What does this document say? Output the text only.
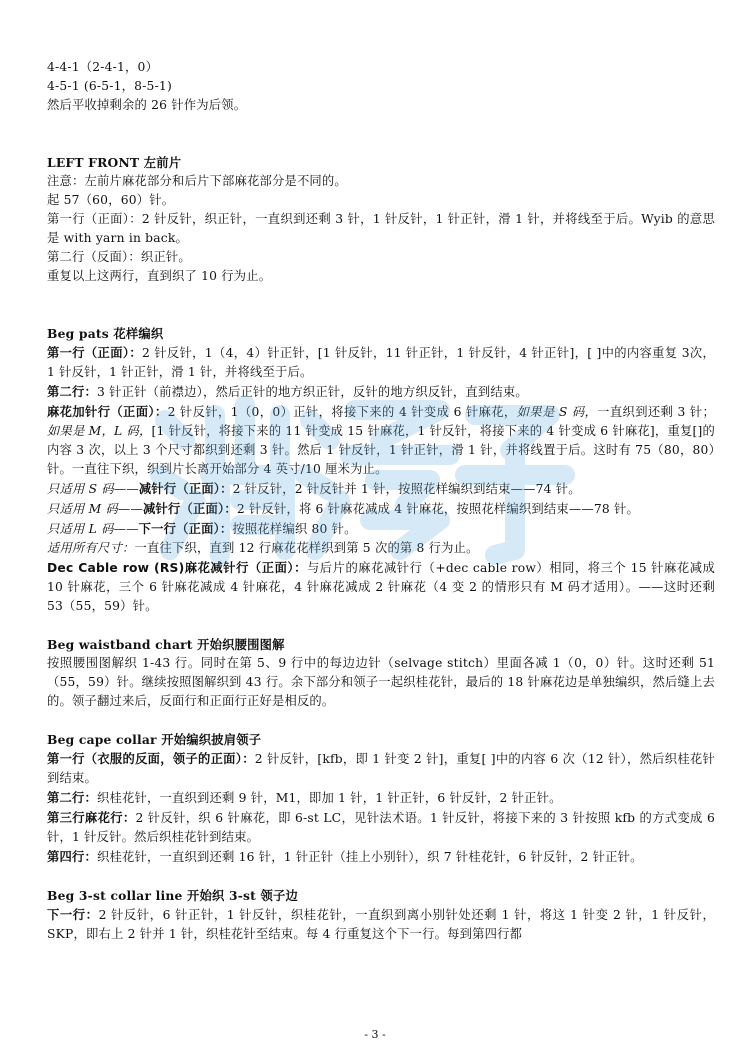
4-4-1（2-4-1，0）

4-5-1 (6-5-1，8-5-1)

然后平收掉剩余的 26 针作为后领。

LEFT FRONT 左前片

注意：左前片麻花部分和后片下部麻花部分是不同的。

起 57（60，60）针。

第一行（正面）：2 针反针，织正针，一直织到还剩 3 针，1 针反针，1 针正针，滑 1 针，并将线至于后。Wyib 的意思是 with yarn in back。

第二行（反面）：织正针。

重复以上这两行，直到织了 10 行为止。

Beg pats 花样编织

第一行（正面）：2 针反针，1（4，4）针正针，[1 针反针，11 针正针，1 针反针，4 针正针]，[ ]中的内容重复 3次，1 针反针，1 针正针，滑 1 针，并将线至于后。

第二行：3 针正针（前襟边），然后正针的地方织正针，反针的地方织反针，直到结束。

麻花加针行（正面）：2 针反针，1（0，0）正针，将接下来的 4 针变成 6 针麻花，如果是 S 码，一直织到还剩 3 针；如果是 M，L 码，[1 针反针，将接下来的 11 针变成 15 针麻花，1 针反针，将接下来的 4 针变成 6 针麻花]，重复[]的内容 3 次，以上 3 个尺寸都织到还剩 3 针。然后 1 针反针，1 针正针，滑 1 针，并将线置于后。这时有 75（80，80）针。一直往下织，织到片长离开始部分 4 英寸/10 厘米为止。

只适用 S 码——减针行（正面）：2 针反针，2 针反针并 1 针，按照花样编织到结束——74 针。

只适用 M 码——减针行（正面）：2 针反针，将 6 针麻花减成 4 针麻花，按照花样编织到结束——78 针。

只适用 L 码——下一行（正面）：按照花样编织 80 针。

适用所有尺寸：一直往下织，直到 12 行麻花花样织到第 5 次的第 8 行为止。

Dec Cable row (RS)麻花减针行（正面）：与后片的麻花减针行（+dec cable row）相同，将三个 15 针麻花减成 10 针麻花，三个 6 针麻花减成 4 针麻花，4 针麻花减成 2 针麻花（4 变 2 的情形只有 M 码才适用）。——这时还剩 53（55，59）针。

Beg waistband chart 开始织腰围图解

按照腰围图解织 1-43 行。同时在第 5、9 行中的每边边针（selvage stitch）里面各减 1（0，0）针。这时还剩 51（55，59）针。继续按照图解织到 43 行。余下部分和领子一起织桂花针，最后的 18 针麻花边是单独编织，然后缝上去的。领子翻过来后，反面行和正面行正好是相反的。

Beg cape collar 开始编织披肩领子

第一行（衣服的反面，领子的正面）：2 针反针，[kfb，即 1 针变 2 针]，重复[ ]中的内容 6 次（12 针），然后织桂花针到结束。

第二行：织桂花针，一直织到还剩 9 针，M1，即加 1 针，1 针正针，6 针反针，2 针正针。

第三行麻花行：2 针反针，织 6 针麻花，即 6-st LC，见针法术语。1 针反针，将接下来的 3 针按照 kfb 的方式变成 6 针，1 针反针。然后织桂花针到结束。

第四行：织桂花针，一直织到还剩 16 针，1 针正针（挂上小别针），织 7 针桂花针，6 针反针，2 针正针。

Beg 3-st collar line 开始织 3-st 领子边

下一行：2 针反针，6 针正针，1 针反针，织桂花针，一直织到离小别针处还剩 1 针，将这 1 针变 2 针，1 针反针，SKP，即右上 2 针并 1 针，织桂花针至结束。每 4 行重复这个下一行。每到第四行都

- 3 -
